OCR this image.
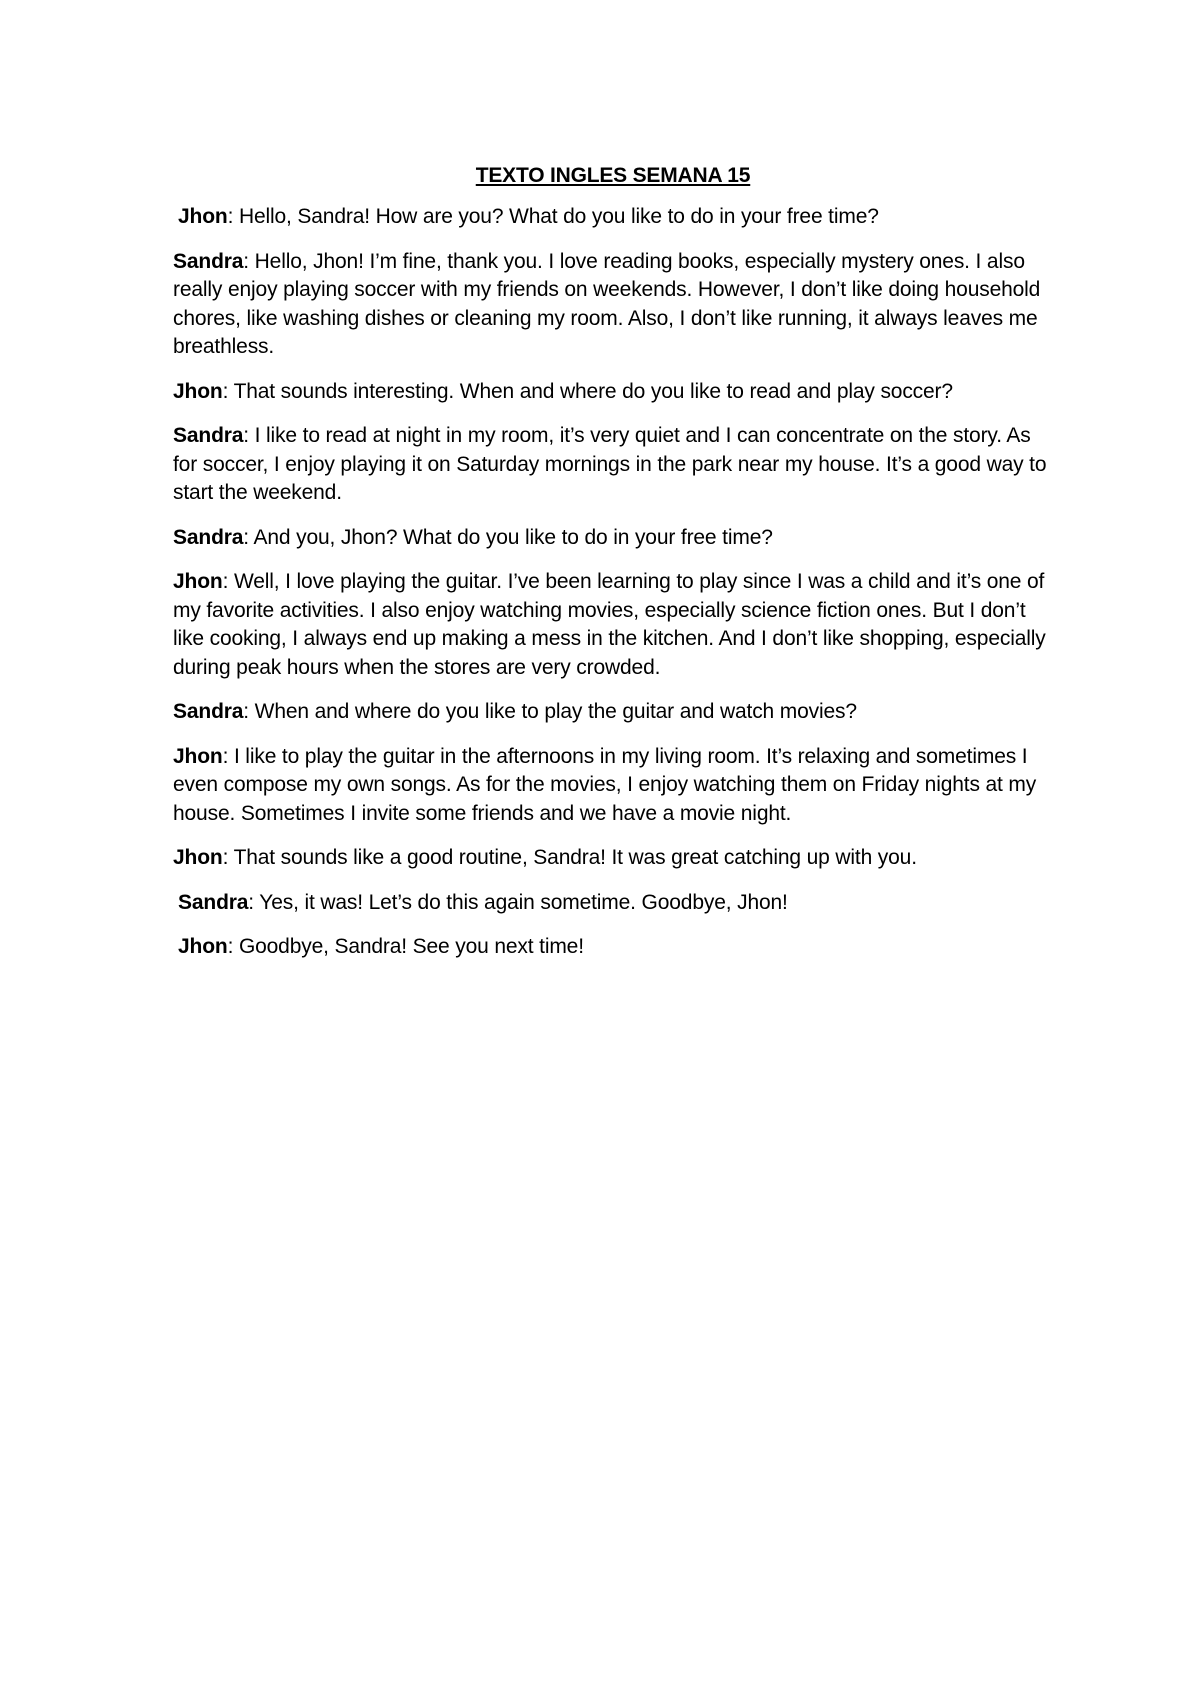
TEXTO INGLES SEMANA 15

Jhon: Hello, Sandra! How are you? What do you like to do in your free time?

Sandra: Hello, Jhon! I’m fine, thank you. I love reading books, especially mystery ones. I also really enjoy playing soccer with my friends on weekends. However, I don’t like doing household chores, like washing dishes or cleaning my room. Also, I don’t like running, it always leaves me breathless.

Jhon: That sounds interesting. When and where do you like to read and play soccer?

Sandra: I like to read at night in my room, it’s very quiet and I can concentrate on the story. As for soccer, I enjoy playing it on Saturday mornings in the park near my house. It’s a good way to start the weekend.

Sandra: And you, Jhon? What do you like to do in your free time?

Jhon: Well, I love playing the guitar. I’ve been learning to play since I was a child and it’s one of my favorite activities. I also enjoy watching movies, especially science fiction ones. But I don’t like cooking, I always end up making a mess in the kitchen. And I don’t like shopping, especially during peak hours when the stores are very crowded.

Sandra: When and where do you like to play the guitar and watch movies?

Jhon: I like to play the guitar in the afternoons in my living room. It’s relaxing and sometimes I even compose my own songs. As for the movies, I enjoy watching them on Friday nights at my house. Sometimes I invite some friends and we have a movie night.

Jhon: That sounds like a good routine, Sandra! It was great catching up with you.

Sandra: Yes, it was! Let’s do this again sometime. Goodbye, Jhon!

Jhon: Goodbye, Sandra! See you next time!
